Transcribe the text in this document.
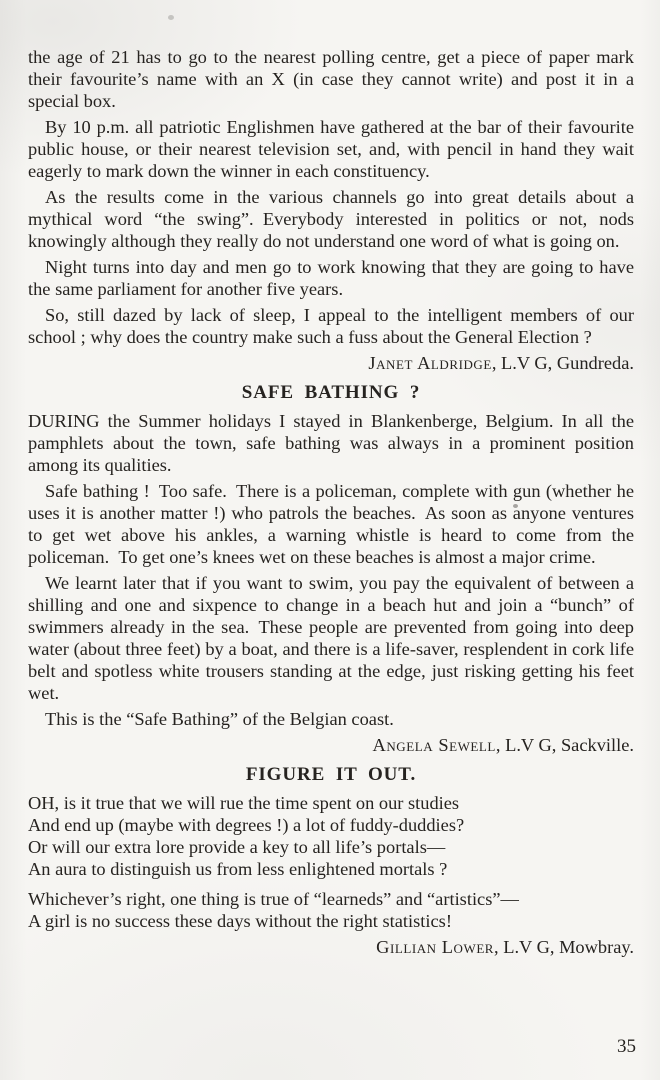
the age of 21 has to go to the nearest polling centre, get a piece of paper mark their favourite’s name with an X (in case they cannot write) and post it in a special box.

By 10 p.m. all patriotic Englishmen have gathered at the bar of their favourite public house, or their nearest television set, and, with pencil in hand they wait eagerly to mark down the winner in each constituency.

As the results come in the various channels go into great details about a mythical word “the swing”. Everybody interested in politics or not, nods knowingly although they really do not understand one word of what is going on.

Night turns into day and men go to work knowing that they are going to have the same parliament for another five years.

So, still dazed by lack of sleep, I appeal to the intelligent members of our school ; why does the country make such a fuss about the General Election ?

Janet Aldridge, L.V G, Gundreda.

SAFE BATHING ?

DURING the Summer holidays I stayed in Blankenberge, Belgium. In all the pamphlets about the town, safe bathing was always in a prominent position among its qualities.

Safe bathing ! Too safe. There is a policeman, complete with gun (whether he uses it is another matter !) who patrols the beaches. As soon as anyone ventures to get wet above his ankles, a warning whistle is heard to come from the policeman. To get one’s knees wet on these beaches is almost a major crime.

We learnt later that if you want to swim, you pay the equivalent of between a shilling and one and sixpence to change in a beach hut and join a “bunch” of swimmers already in the sea. These people are prevented from going into deep water (about three feet) by a boat, and there is a life-saver, resplendent in cork life belt and spotless white trousers standing at the edge, just risking getting his feet wet.

This is the “Safe Bathing” of the Belgian coast.

Angela Sewell, L.V G, Sackville.

FIGURE IT OUT.

OH, is it true that we will rue the time spent on our studies

And end up (maybe with degrees !) a lot of fuddy-duddies?

Or will our extra lore provide a key to all life’s portals—

An aura to distinguish us from less enlightened mortals ?

Whichever’s right, one thing is true of “learneds” and “artistics”—

A girl is no success these days without the right statistics!

Gillian Lower, L.V G, Mowbray.

35
